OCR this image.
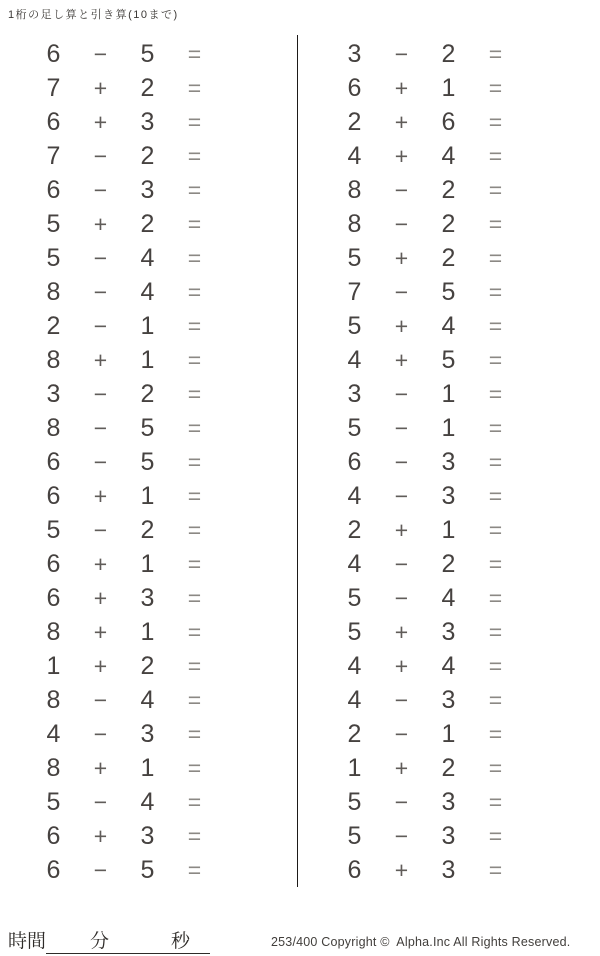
1桁の足し算と引き算(10まで)
6	−	5	=
7	+	2	=
6	+	3	=
7	−	2	=
6	−	3	=
5	+	2	=
5	−	4	=
8	−	4	=
2	−	1	=
8	+	1	=
3	−	2	=
8	−	5	=
6	−	5	=
6	+	1	=
5	−	2	=
6	+	1	=
6	+	3	=
8	+	1	=
1	+	2	=
8	−	4	=
4	−	3	=
8	+	1	=
5	−	4	=
6	+	3	=
6	−	5	=
3	−	2	=
6	+	1	=
2	+	6	=
4	+	4	=
8	−	2	=
8	−	2	=
5	+	2	=
7	−	5	=
5	+	4	=
4	+	5	=
3	−	1	=
5	−	1	=
6	−	3	=
4	−	3	=
2	+	1	=
4	−	2	=
5	−	4	=
5	+	3	=
4	+	4	=
4	−	3	=
2	−	1	=
1	+	2	=
5	−	3	=
5	−	3	=
6	+	3	=
時間 分	秒	253/400 Copyright ©  Alpha.Inc All Rights Reserved.
